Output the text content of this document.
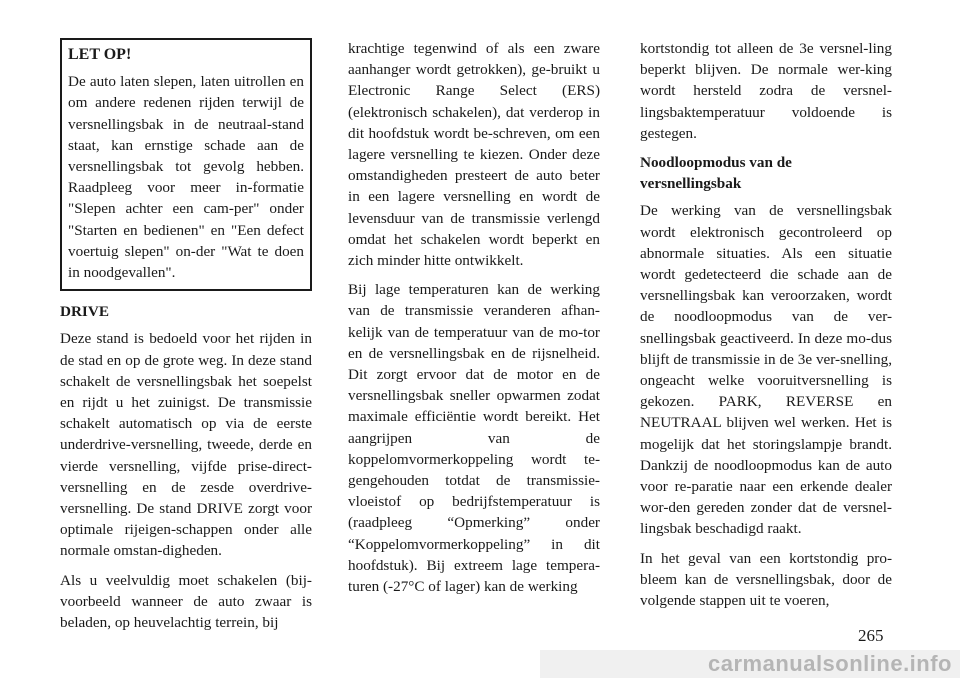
LET OP!

De auto laten slepen, laten uitrollen en om andere redenen rijden terwijl de versnellingsbak in de neutraal-stand staat, kan ernstige schade aan de versnellingsbak tot gevolg hebben. Raadpleeg voor meer in-formatie "Slepen achter een cam-per" onder "Starten en bedienen" en "Een defect voertuig slepen" on-der "Wat te doen in noodgevallen".

DRIVE

Deze stand is bedoeld voor het rijden in de stad en op de grote weg. In deze stand schakelt de versnellingsbak het soepelst en rijdt u het zuinigst. De transmissie schakelt automatisch op via de eerste underdrive-versnelling, tweede, derde en vierde versnelling, vijfde prise-direct-versnelling en de zesde overdrive-versnelling. De stand DRIVE zorgt voor optimale rijeigen-schappen onder alle normale omstan-digheden.

Als u veelvuldig moet schakelen (bij-voorbeeld wanneer de auto zwaar is beladen, op heuvelachtig terrein, bij

krachtige tegenwind of als een zware aanhanger wordt getrokken), ge-bruikt u Electronic Range Select (ERS) (elektronisch schakelen), dat verderop in dit hoofdstuk wordt be-schreven, om een lagere versnelling te kiezen. Onder deze omstandigheden presteert de auto beter in een lagere versnelling en wordt de levensduur van de transmissie verlengd omdat het schakelen wordt beperkt en zich minder hitte ontwikkelt.

Bij lage temperaturen kan de werking van de transmissie veranderen afhan-kelijk van de temperatuur van de mo-tor en de versnellingsbak en de rijsnelheid. Dit zorgt ervoor dat de motor en de versnellingsbak sneller opwarmen zodat maximale efficiëntie wordt bereikt. Het aangrijpen van de koppelomvormerkoppeling wordt te-gengehouden totdat de transmissie-vloeistof op bedrijfstemperatuur is (raadpleeg “Opmerking” onder “Koppelomvormerkoppeling” in dit hoofdstuk). Bij extreem lage tempera-turen (-27°C of lager) kan de werking

kortstondig tot alleen de 3e versnel-ling beperkt blijven. De normale wer-king wordt hersteld zodra de versnel-lingsbaktemperatuur voldoende is gestegen.

Noodloopmodus van de versnellingsbak

De werking van de versnellingsbak wordt elektronisch gecontroleerd op abnormale situaties. Als een situatie wordt gedetecteerd die schade aan de versnellingsbak kan veroorzaken, wordt de noodloopmodus van de ver-snellingsbak geactiveerd. In deze mo-dus blijft de transmissie in de 3e ver-snelling, ongeacht welke vooruitversnelling is gekozen. PARK, REVERSE en NEUTRAAL blijven wel werken. Het is mogelijk dat het storingslampje brandt. Dankzij de noodloopmodus kan de auto voor re-paratie naar een erkende dealer wor-den gereden zonder dat de versnel-lingsbak beschadigd raakt.

In het geval van een kortstondig pro-bleem kan de versnellingsbak, door de volgende stappen uit te voeren,

265
carmanualsonline.info
